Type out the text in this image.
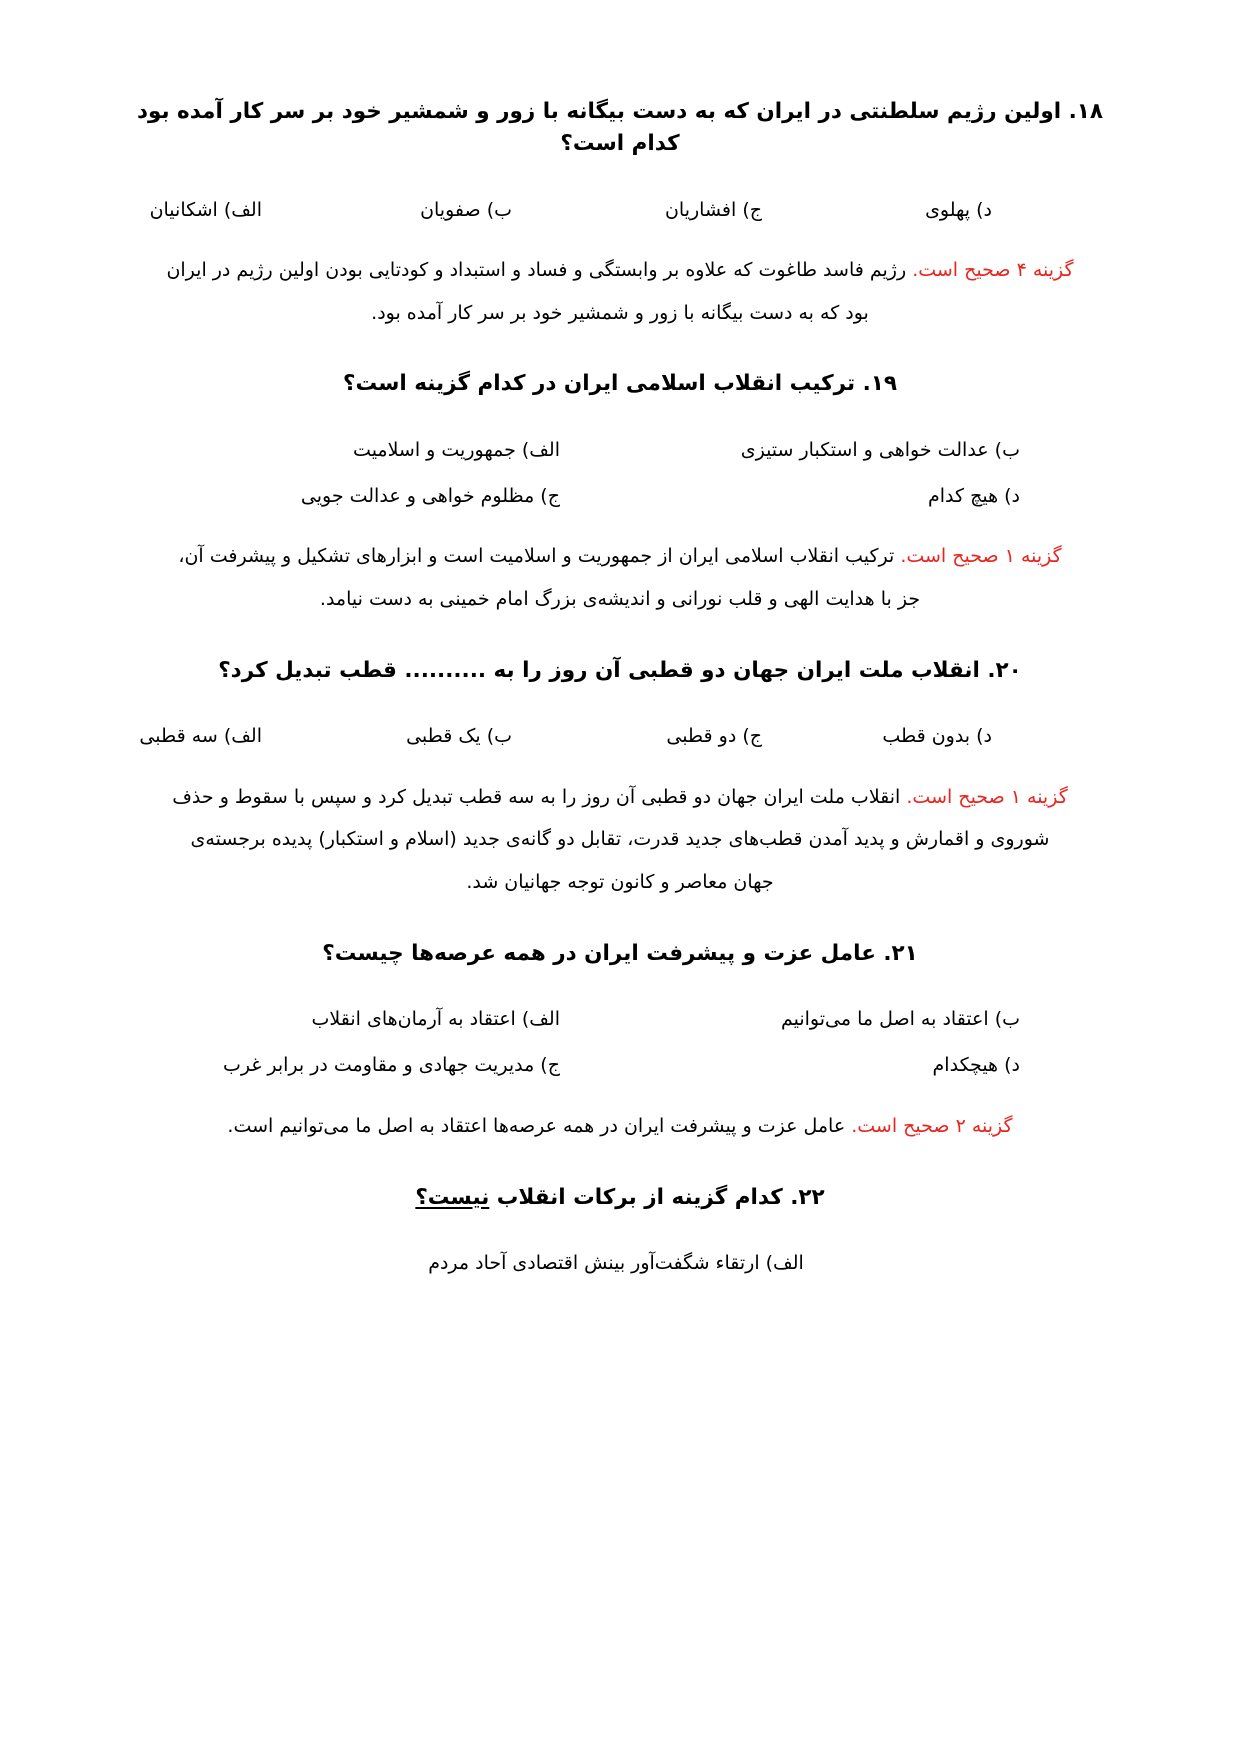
۱۸. اولین رژیم سلطنتی در ایران که به دست بیگانه با زور و شمشیر خود بر سر کار آمده بود کدام است؟

د) پهلوی
ج) افشاریان
ب) صفویان
الف) اشکانیان

گزینه ۴ صحیح است. رژیم فاسد طاغوت که علاوه بر وابستگی و فساد و استبداد و کودتایی بودن اولین رژیم در ایران

بود که به دست بیگانه با زور و شمشیر خود بر سر کار آمده بود.

۱۹. ترکیب انقلاب اسلامی ایران در کدام گزینه است؟

ب) عدالت خواهی و استکبار ستیزی
الف) جمهوریت و اسلامیت
د) هیچ کدام
ج) مظلوم خواهی و عدالت جویی

گزینه ۱ صحیح است. ترکیب انقلاب اسلامی ایران از جمهوریت و اسلامیت است و ابزارهای تشکیل و پیشرفت آن،

جز با هدایت الهی و قلب نورانی و اندیشه‌ی بزرگ امام خمینی به دست نیامد.

۲۰. انقلاب ملت ایران جهان دو قطبی آن روز را به .......... قطب تبدیل کرد؟

د) بدون قطب
ج) دو قطبی
ب) یک قطبی
الف) سه قطبی

گزینه ۱ صحیح است. انقلاب ملت ایران جهان دو قطبی آن روز را به سه قطب تبدیل کرد و سپس با سقوط و حذف

شوروی و اقمارش و پدید آمدن قطب‌های جدید قدرت، تقابل دو گانه‌ی جدید (اسلام و استکبار) پدیده برجسته‌ی

جهان معاصر و کانون توجه جهانیان شد.

۲۱. عامل عزت و پیشرفت ایران در همه عرصه‌ها چیست؟

ب) اعتقاد به اصل ما می‌توانیم
الف) اعتقاد به آرمان‌های انقلاب
د) هیچکدام
ج) مدیریت جهادی و مقاومت در برابر غرب

گزینه ۲ صحیح است. عامل عزت و پیشرفت ایران در همه عرصه‌ها اعتقاد به اصل ما می‌توانیم است.

۲۲. کدام گزینه از برکات انقلاب نیست؟

الف) ارتقاء شگفت‌آور بینش اقتصادی آحاد مردم
